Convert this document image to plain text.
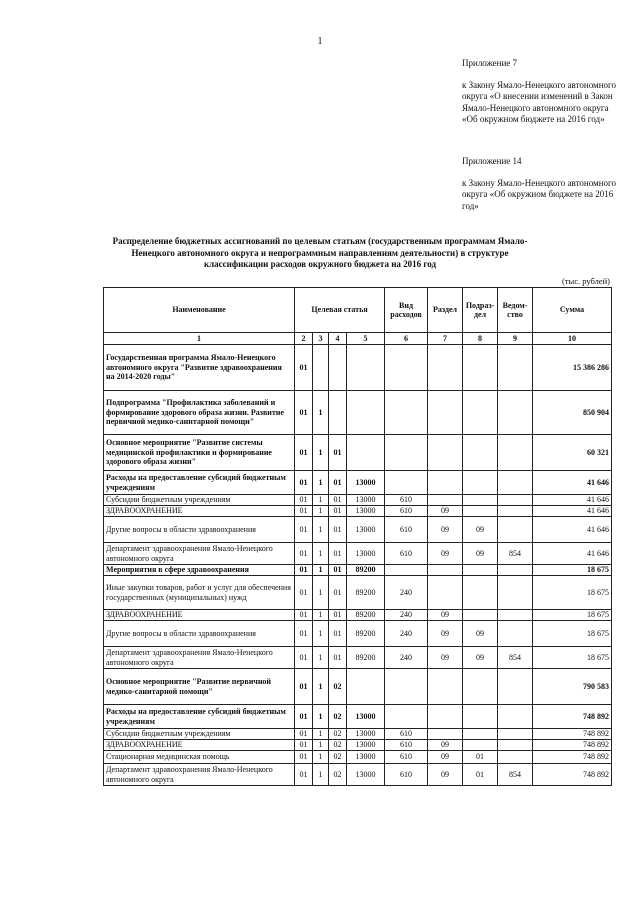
1
Приложение 7
к Закону Ямало-Ненецкого автономного округа «О внесении изменений в Закон Ямало-Ненецкого автономного округа «Об окружном бюджете на 2016 год»
Приложение 14
к Закону Ямало-Ненецкого автономного округа «Об окружном бюджете на 2016 год»
Распределение бюджетных ассигнований по целевым статьям (государственным программам Ямало-Ненецкого автономного округа и непрограммным направлениям деятельности) в структуре классификации расходов окружного бюджета на 2016 год
(тыс. рублей)
Наименование	Целевая статья				Вид расходов	Раздел	Подраз-дел	Ведом-ство	Сумма
1	2	3	4	5	6	7	8	9	10
Государственная программа Ямало-Ненецкого автономного округа "Развитие здравоохранения на 2014-2020 годы"	01								15 386 286
Подпрограмма "Профилактика заболеваний и формирование здорового образа жизни. Развитие первичной медико-санитарной помощи"	01	1							850 904
Основное мероприятие "Развитие системы медицинской профилактики и формирование здорового образа жизни"	01	1	01						60 321
Расходы на предоставление субсидий бюджетным учреждениям	01	1	01	13000					41 646
Субсидии бюджетным учреждениям	01	1	01	13000	610				41 646
ЗДРАВООХРАНЕНИЕ	01	1	01	13000	610	09			41 646
Другие вопросы в области здравоохранения	01	1	01	13000	610	09	09		41 646
Департамент здравоохранения Ямало-Ненецкого автономного округа	01	1	01	13000	610	09	09	854	41 646
Мероприятия в сфере здравоохранения	01	1	01	89200					18 675
Иные закупки товаров, работ и услуг для обеспечения государственных (муниципальных) нужд	01	1	01	89200	240				18 675
ЗДРАВООХРАНЕНИЕ	01	1	01	89200	240	09			18 675
Другие вопросы в области здравоохранения	01	1	01	89200	240	09	09		18 675
Департамент здравоохранения Ямало-Ненецкого автономного округа	01	1	01	89200	240	09	09	854	18 675
Основное мероприятие "Развитие первичной медико-санитарной помощи"	01	1	02						790 583
Расходы на предоставление субсидий бюджетным учреждениям	01	1	02	13000					748 892
Субсидии бюджетным учреждениям	01	1	02	13000	610				748 892
ЗДРАВООХРАНЕНИЕ	01	1	02	13000	610	09			748 892
Стационарная медицинская помощь	01	1	02	13000	610	09	01		748 892
Департамент здравоохранения Ямало-Ненецкого автономного округа	01	1	02	13000	610	09	01	854	748 892
